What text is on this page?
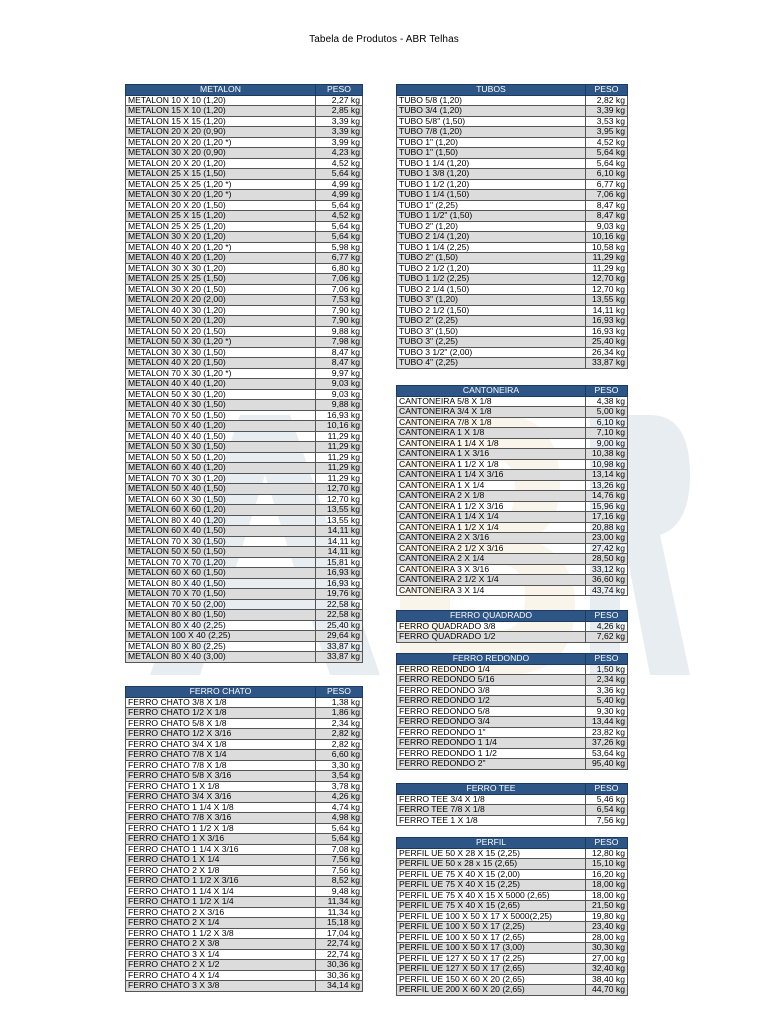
Tabela de Produtos - ABR Telhas
METALON	PESO
METALON 10 X 10 (1,20)	2,27 kg
METALON 15 X 10 (1,20)	2,85 kg
METALON 15 X 15 (1,20)	3,39 kg
METALON 20 X 20 (0,90)	3,39 kg
METALON 20 X 20 (1,20 *)	3,99 kg
METALON 30 X 20 (0,90)	4,23 kg
METALON 20 X 20 (1,20)	4,52 kg
METALON 25 X 15 (1,50)	5,64 kg
METALON 25 X 25 (1,20 *)	4,99 kg
METALON 30 X 20 (1,20 *)	4,99 kg
METALON 20 X 20 (1,50)	5,64 kg
METALON 25 X 15 (1,20)	4,52 kg
METALON 25 X 25 (1,20)	5,64 kg
METALON 30 X 20 (1,20)	5,64 kg
METALON 40 X 20 (1,20 *)	5,98 kg
METALON 40 X 20 (1,20)	6,77 kg
METALON 30 X 30 (1,20)	6,80 kg
METALON 25 X 25 (1,50)	7,06 kg
METALON 30 X 20 (1,50)	7,06 kg
METALON 20 X 20 (2,00)	7,53 kg
METALON 40 X 30 (1,20)	7,90 kg
METALON 50 X 20 (1,20)	7,90 kg
METALON 50 X 20 (1,50)	9,88 kg
METALON 50 X 30 (1,20 *)	7,98 kg
METALON 30 X 30 (1,50)	8,47 kg
METALON 40 X 20 (1,50)	8,47 kg
METALON 70 X 30 (1,20 *)	9,97 kg
METALON 40 X 40 (1,20)	9,03 kg
METALON 50 X 30 (1,20)	9,03 kg
METALON 40 X 30 (1,50)	9,88 kg
METALON 70 X 50 (1,50)	16,93 kg
METALON 50 X 40 (1,20)	10,16 kg
METALON 40 X 40 (1,50)	11,29 kg
METALON 50 X 30 (1,50)	11,29 kg
METALON 50 X 50 (1,20)	11,29 kg
METALON 60 X 40 (1,20)	11,29 kg
METALON 70 X 30 (1,20)	11,29 kg
METALON 50 X 40 (1,50)	12,70 kg
METALON 60 X 30 (1,50)	12,70 kg
METALON 60 X 60 (1,20)	13,55 kg
METALON 80 X 40 (1,20)	13,55 kg
METALON 60 X 40 (1,50)	14,11 kg
METALON 70 X 30 (1,50)	14,11 kg
METALON 50 X 50 (1,50)	14,11 kg
METALON 70 X 70 (1,20)	15,81 kg
METALON 60 X 60 (1,50)	16,93 kg
METALON 80 X 40 (1,50)	16,93 kg
METALON 70 X 70 (1,50)	19,76 kg
METALON 70 X 50 (2,00)	22,58 kg
METALON 80 X 80 (1,50)	22,58 kg
METALON 80 X 40 (2,25)	25,40 kg
METALON 100 X 40 (2,25)	29,64 kg
METALON 80 X 80 (2,25)	33,87 kg
METALON 80 X 40 (3,00)	33,87 kg
FERRO CHATO	PESO
FERRO CHATO 3/8 X 1/8	1,38 kg
FERRO CHATO 1/2 X 1/8	1,86 kg
FERRO CHATO 5/8 X 1/8	2,34 kg
FERRO CHATO 1/2 X 3/16	2,82 kg
FERRO CHATO 3/4 X 1/8	2,82 kg
FERRO CHATO 7/8 X 1/4	6,60 kg
FERRO CHATO 7/8 X 1/8	3,30 kg
FERRO CHATO 5/8 X 3/16	3,54 kg
FERRO CHATO 1 X 1/8	3,78 kg
FERRO CHATO 3/4 X 3/16	4,26 kg
FERRO CHATO 1 1/4 X 1/8	4,74 kg
FERRO CHATO 7/8 X 3/16	4,98 kg
FERRO CHATO 1 1/2 X 1/8	5,64 kg
FERRO CHATO 1 X 3/16	5,64 kg
FERRO CHATO 1 1/4 X 3/16	7,08 kg
FERRO CHATO 1 X 1/4	7,56 kg
FERRO CHATO 2 X 1/8	7,56 kg
FERRO CHATO 1 1/2 X 3/16	8,52 kg
FERRO CHATO 1 1/4 X 1/4	9,48 kg
FERRO CHATO 1 1/2 X 1/4	11,34 kg
FERRO CHATO 2 X 3/16	11,34 kg
FERRO CHATO 2 X 1/4	15,18 kg
FERRO CHATO 1 1/2 X 3/8	17,04 kg
FERRO CHATO 2 X 3/8	22,74 kg
FERRO CHATO 3 X 1/4	22,74 kg
FERRO CHATO 2 X 1/2	30,36 kg
FERRO CHATO 4 X 1/4	30,36 kg
FERRO CHATO 3 X 3/8	34,14 kg
TUBOS	PESO
TUBO 5/8 (1,20)	2,82 kg
TUBO 3/4 (1,20)	3,39 kg
TUBO 5/8" (1,50)	3,53 kg
TUBO 7/8 (1,20)	3,95 kg
TUBO 1" (1,20)	4,52 kg
TUBO 1" (1,50)	5,64 kg
TUBO 1 1/4 (1,20)	5,64 kg
TUBO 1 3/8 (1,20)	6,10 kg
TUBO 1 1/2 (1,20)	6,77 kg
TUBO 1 1/4 (1,50)	7,06 kg
TUBO 1" (2,25)	8,47 kg
TUBO 1 1/2" (1,50)	8,47 kg
TUBO 2" (1,20)	9,03 kg
TUBO 2 1/4 (1,20)	10,16 kg
TUBO 1 1/4 (2,25)	10,58 kg
TUBO 2" (1,50)	11,29 kg
TUBO 2 1/2 (1,20)	11,29 kg
TUBO 1 1/2 (2,25)	12,70 kg
TUBO 2 1/4 (1,50)	12,70 kg
TUBO 3" (1,20)	13,55 kg
TUBO 2 1/2 (1,50)	14,11 kg
TUBO 2" (2,25)	16,93 kg
TUBO 3" (1,50)	16,93 kg
TUBO 3" (2,25)	25,40 kg
TUBO 3 1/2" (2,00)	26,34 kg
TUBO 4" (2,25)	33,87 kg
CANTONEIRA	PESO
CANTONEIRA 5/8 X 1/8	4,38 kg
CANTONEIRA 3/4 X 1/8	5,00 kg
CANTONEIRA 7/8 X 1/8	6,10 kg
CANTONEIRA 1 X 1/8	7,10 kg
CANTONEIRA 1 1/4 X 1/8	9,00 kg
CANTONEIRA 1 X 3/16	10,38 kg
CANTONEIRA 1 1/2 X 1/8	10,98 kg
CANTONEIRA 1 1/4 X 3/16	13,14 kg
CANTONEIRA 1 X 1/4	13,26 kg
CANTONEIRA 2 X 1/8	14,76 kg
CANTONEIRA 1 1/2 X 3/16	15,96 kg
CANTONEIRA 1 1/4 X 1/4	17,16 kg
CANTONEIRA 1 1/2 X 1/4	20,88 kg
CANTONEIRA 2 X 3/16	23,00 kg
CANTONEIRA 2 1/2 X 3/16	27,42 kg
CANTONEIRA 2 X 1/4	28,50 kg
CANTONEIRA 3 X 3/16	33,12 kg
CANTONEIRA 2 1/2 X 1/4	36,60 kg
CANTONEIRA 3 X 1/4	43,74 kg
FERRO QUADRADO	PESO
FERRO QUADRADO 3/8	4,26 kg
FERRO QUADRADO 1/2	7,62 kg
FERRO REDONDO	PESO
FERRO REDONDO 1/4	1,50 kg
FERRO REDONDO 5/16	2,34 kg
FERRO REDONDO 3/8	3,36 kg
FERRO REDONDO 1/2	5,40 kg
FERRO REDONDO 5/8	9,30 kg
FERRO REDONDO 3/4	13,44 kg
FERRO REDONDO 1"	23,82 kg
FERRO REDONDO 1 1/4	37,26 kg
FERRO REDONDO 1 1/2	53,64 kg
FERRO REDONDO 2"	95,40 kg
FERRO TEE	PESO
FERRO TEE 3/4 X 1/8	5,46 kg
FERRO TEE 7/8 X 1/8	6,54 kg
FERRO TEE 1 X 1/8	7,56 kg
PERFIL	PESO
PERFIL UE 50 X 28 X 15 (2,25)	12,80 kg
PERFIL UE 50 x 28 x 15 (2,65)	15,10 kg
PERFIL UE 75 X 40 X 15 (2,00)	16,20 kg
PERFIL UE 75 X 40 X 15 (2,25)	18,00 kg
PERFIL UE 75 X 40 X 15 X 5000 (2,65)	18,00 kg
PERFIL UE 75 X 40 X 15 (2,65)	21,50 kg
PERFIL UE 100 X 50 X 17 X 5000(2,25)	19,80 kg
PERFIL UE 100 X 50 X 17 (2,25)	23,40 kg
PERFIL UE 100 X 50 X 17 (2,65)	28,00 kg
PERFIL UE 100 X 50 X 17 (3,00)	30,30 kg
PERFIL UE 127 X 50 X 17 (2,25)	27,00 kg
PERFIL UE 127 X 50 X 17 (2,65)	32,40 kg
PERFIL UE 150 X 60 X 20 (2,65)	38,40 kg
PERFIL UE 200 X 60 X 20 (2,65)	44,70 kg
